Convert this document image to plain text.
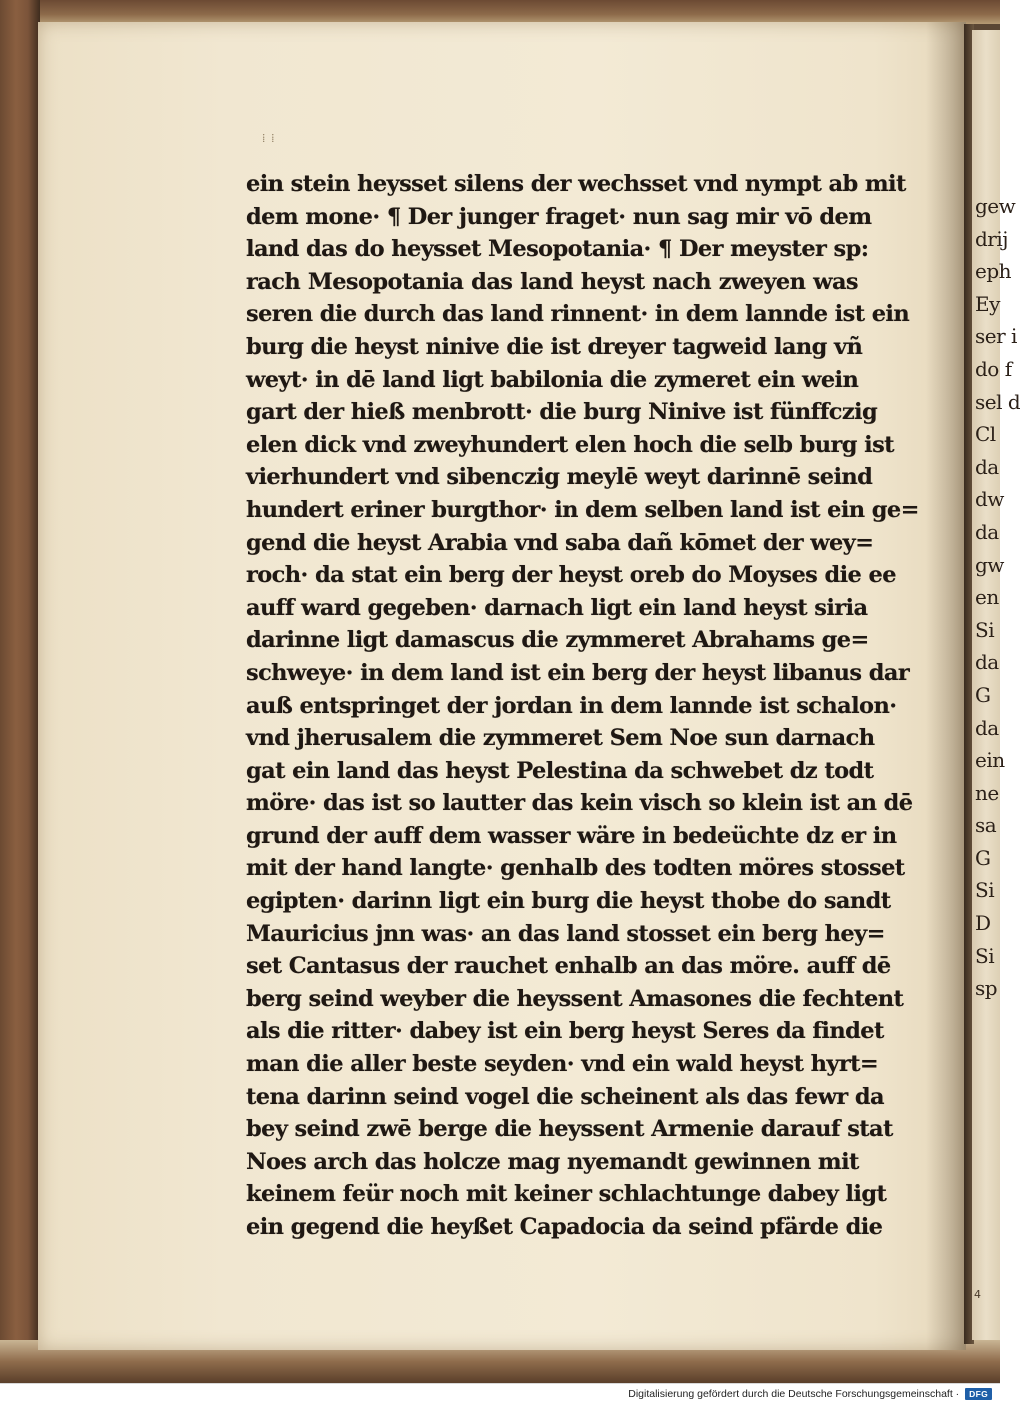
gew
drij
eph
Ey
ser i
do f
sel d
Cl
da
dw
da
gw
en
Si
da
G
da
ein
ne
sa
G
Si
D
Si
sp
⁞ ⁞
ein stein heysset silens der wechsset vnd nympt ab mit
dem mone· ¶ Der junger fraget· nun sag mir vō dem
land das do heysset Mesopotania· ¶ Der meyster sp:
rach Mesopotania das land heyst nach zweyen was
seren die durch das land rinnent· in dem lannde ist ein
burg die heyst ninive die ist dreyer tagweid lang vñ
weyt· in dē land ligt babilonia die zymeret ein wein
gart der hieß menbrott· die burg Ninive ist fünffczig
elen dick vnd zweyhundert elen hoch die selb burg ist
vierhundert vnd sibenczig meylē weyt darinnē seind
hundert eriner burgthor· in dem selben land ist ein ge=
gend die heyst Arabia vnd saba dañ kōmet der wey=
roch· da stat ein berg der heyst oreb do Moyses die ee
auff ward gegeben· darnach ligt ein land heyst siria
darinne ligt damascus die zymmeret Abrahams ge=
schweye· in dem land ist ein berg der heyst libanus dar
auß entspringet der jordan in dem lannde ist schalon·
vnd jherusalem die zymmeret Sem Noe sun darnach
gat ein land das heyst Pelestina da schwebet dz todt
möre· das ist so lautter das kein visch so klein ist an dē
grund der auff dem wasser wäre in bedeüchte dz er in
mit der hand langte· genhalb des todten möres stosset
egipten· darinn ligt ein burg die heyst thobe do sandt
Mauricius jnn was· an das land stosset ein berg hey=
set Cantasus der rauchet enhalb an das möre. auff dē
berg seind weyber die heyssent Amasones die fechtent
als die ritter· dabey ist ein berg heyst Seres da findet
man die aller beste seyden· vnd ein wald heyst hyrt=
tena darinn seind vogel die scheinent als das fewr da
bey seind zwē berge die heyssent Armenie darauf stat
Noes arch das holcze mag nyemandt gewinnen mit
keinem feür noch mit keiner schlachtunge dabey ligt
ein gegend die heyßet Capadocia da seind pfärde die
4
Digitalisierung gefördert durch die Deutsche Forschungsgemeinschaft ·	DFG
